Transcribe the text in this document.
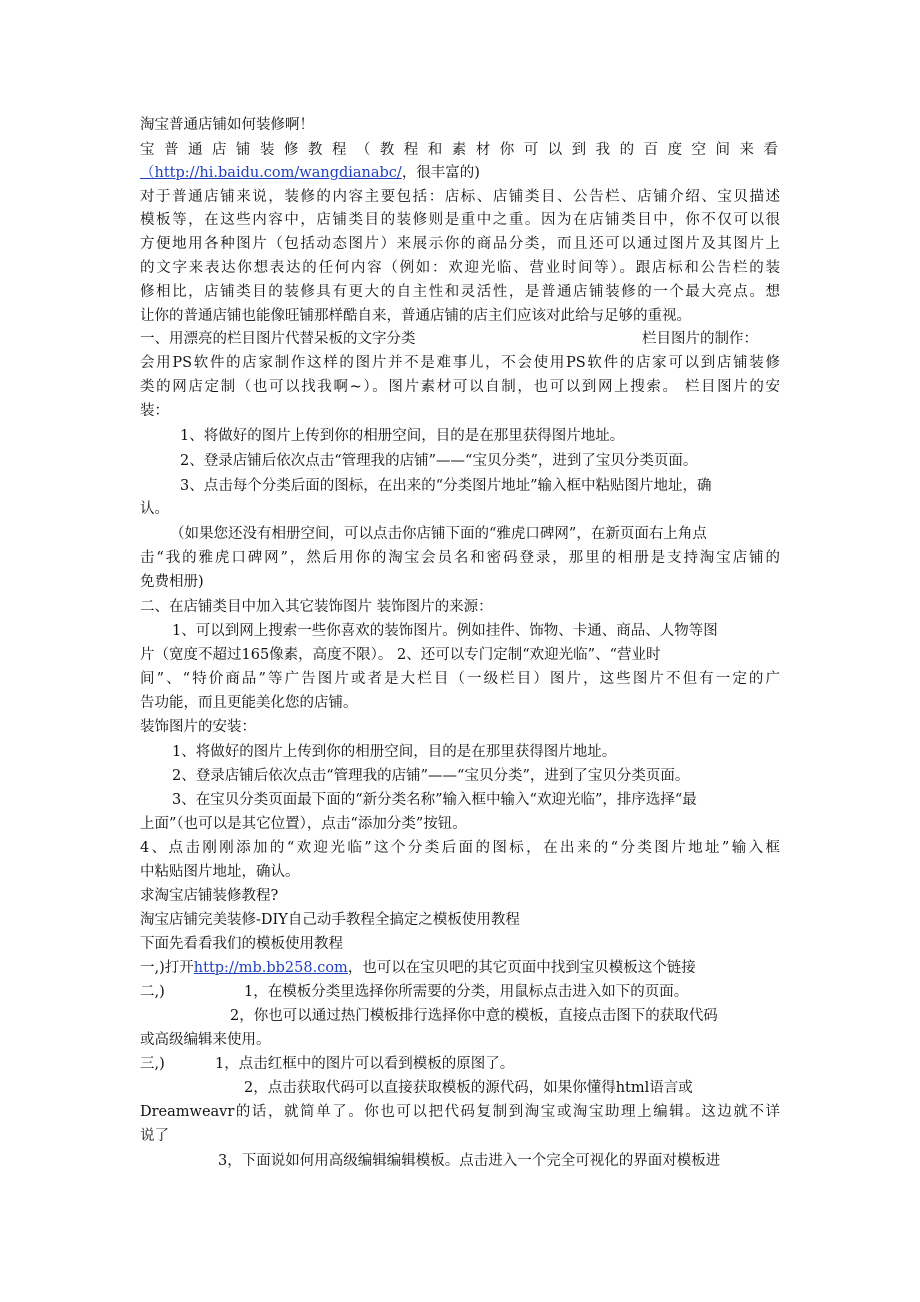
淘宝普通店铺如何装修啊！
宝普通店铺装修教程（教程和素材你可以到我的百度空间来看
（http://hi.baidu.com/wangdianabc/，很丰富的)
对于普通店铺来说，装修的内容主要包括：店标、店铺类目、公告栏、店铺介绍、宝贝描述
模板等，在这些内容中，店铺类目的装修则是重中之重。因为在店铺类目中，你不仅可以很
方便地用各种图片（包括动态图片）来展示你的商品分类，而且还可以通过图片及其图片上
的文字来表达你想表达的任何内容（例如：欢迎光临、营业时间等）。跟店标和公告栏的装
修相比，店铺类目的装修具有更大的自主性和灵活性，是普通店铺装修的一个最大亮点。想
让你的普通店铺也能像旺铺那样酷自来，普通店铺的店主们应该对此给与足够的重视。
一、用漂亮的栏目图片代替呆板的文字分类	栏目图片的制作：
会用PS软件的店家制作这样的图片并不是难事儿，不会使用PS软件的店家可以到店铺装修
类的网店定制（也可以找我啊~）。图片素材可以自制，也可以到网上搜索。 栏目图片的安
装：
1、将做好的图片上传到你的相册空间，目的是在那里获得图片地址。
2、登录店铺后依次点击“管理我的店铺”——“宝贝分类”，进到了宝贝分类页面。
3、点击每个分类后面的图标，在出来的“分类图片地址”输入框中粘贴图片地址，确
认。
（如果您还没有相册空间，可以点击你店铺下面的“雅虎口碑网”，在新页面右上角点
击“我的雅虎口碑网”，然后用你的淘宝会员名和密码登录，那里的相册是支持淘宝店铺的
免费相册)
二、在店铺类目中加入其它装饰图片 装饰图片的来源：
1、可以到网上搜索一些你喜欢的装饰图片。例如挂件、饰物、卡通、商品、人物等图
片（宽度不超过165像素，高度不限）。 2、还可以专门定制“欢迎光临”、“营业时
间”、“特价商品”等广告图片或者是大栏目（一级栏目）图片，这些图片不但有一定的广
告功能，而且更能美化您的店铺。
装饰图片的安装：
1、将做好的图片上传到你的相册空间，目的是在那里获得图片地址。
2、登录店铺后依次点击“管理我的店铺”——“宝贝分类”，进到了宝贝分类页面。
3、在宝贝分类页面最下面的“新分类名称”输入框中输入“欢迎光临”，排序选择“最
上面”（也可以是其它位置），点击“添加分类”按钮。
4、点击刚刚添加的“欢迎光临”这个分类后面的图标，在出来的“分类图片地址”输入框
中粘贴图片地址，确认。
求淘宝店铺装修教程?
淘宝店铺完美装修-DIY自己动手教程全搞定之模板使用教程
下面先看看我们的模板使用教程
一,)打开http://mb.bb258.com，也可以在宝贝吧的其它页面中找到宝贝模板这个链接
二,)	1，在模板分类里选择你所需要的分类，用鼠标点击进入如下的页面。
2，你也可以通过热门模板排行选择你中意的模板，直接点击图下的获取代码
或高级编辑来使用。
三,)	1，点击红框中的图片可以看到模板的原图了。
2，点击获取代码可以直接获取模板的源代码，如果你懂得html语言或
Dreamweavr的话，就简单了。你也可以把代码复制到淘宝或淘宝助理上编辑。这边就不详
说了
3，下面说如何用高级编辑编辑模板。点击进入一个完全可视化的界面对模板进
